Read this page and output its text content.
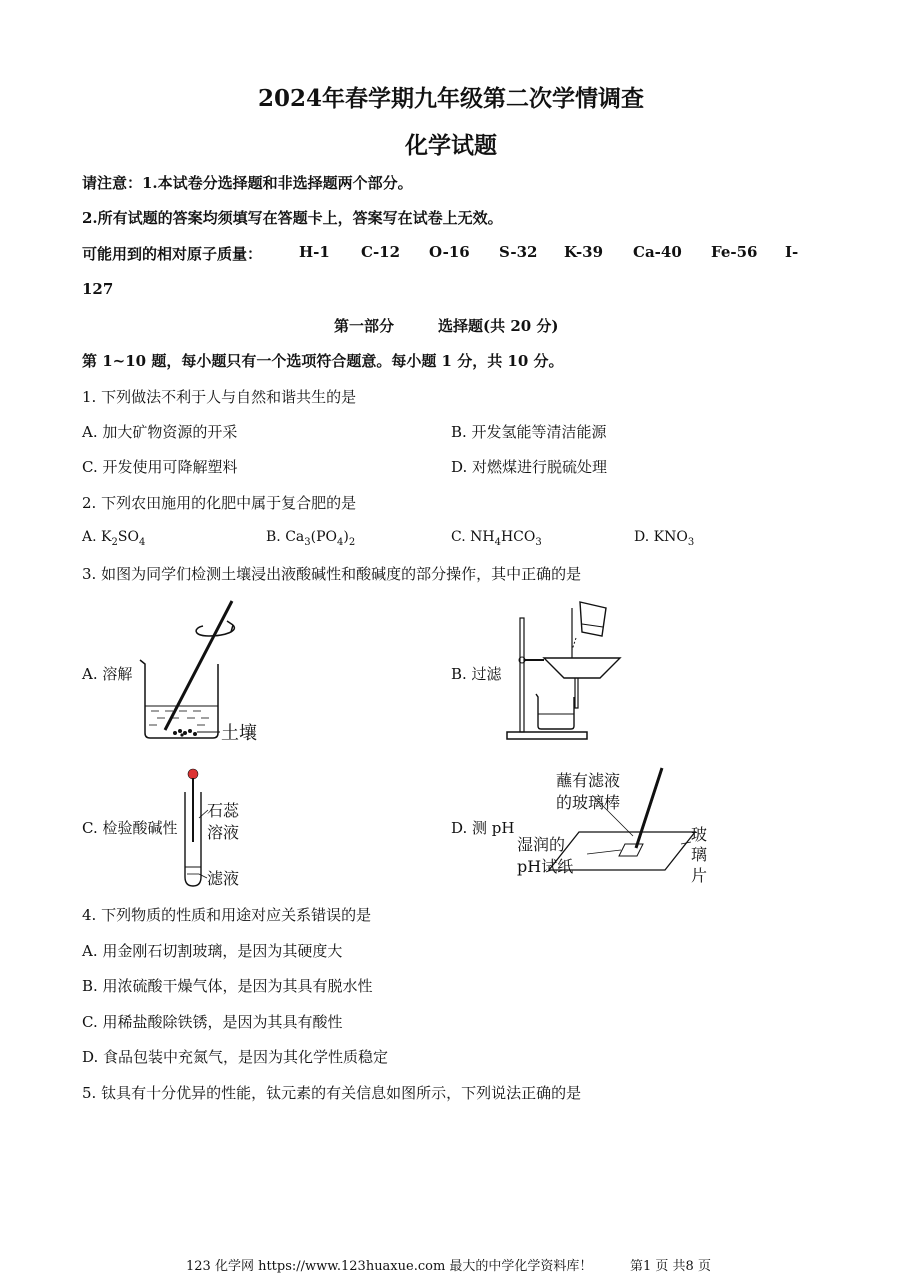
2024年春学期九年级第二次学情调查
化学试题
请注意：1.本试卷分选择题和非选择题两个部分。
2.所有试题的答案均须填写在答题卡上，答案写在试卷上无效。
可能用到的相对原子质量： H-1 C-12 O-16 S-32 K-39 Ca-40 Fe-56 I-
127
第一部分	选择题(共 20 分)
第 1~10 题，每小题只有一个选项符合题意。每小题 1 分，共 10 分。
1. 下列做法不利于人与自然和谐共生的是
A. 加大矿物资源的开采	B. 开发氢能等清洁能源
C. 开发使用可降解塑料	D. 对燃煤进行脱硫处理
2. 下列农田施用的化肥中属于复合肥的是
A. $K_2SO_4$	B. $Ca_3(PO_4)_2$	C. $NH_4HCO_3$	D. $KNO_3$
3. 如图为同学们检测土壤浸出液酸碱性和酸碱度的部分操作，其中正确的是
A. 溶解	B. 过滤
C. 检验酸碱性	D. 测 pH
土壤
石蕊
溶液
滤液
蘸有滤液
的玻璃棒
湿润的
pH试纸
玻
璃
片
4. 下列物质的性质和用途对应关系错误的是
A. 用金刚石切割玻璃，是因为其硬度大
B. 用浓硫酸干燥气体，是因为其具有脱水性
C. 用稀盐酸除铁锈，是因为其具有酸性
D. 食品包装中充氮气，是因为其化学性质稳定
5. 钛具有十分优异的性能，钛元素的有关信息如图所示，下列说法正确的是
123 化学网 https://www.123huaxue.com 最大的中学化学资料库！	第1 页 共8 页
